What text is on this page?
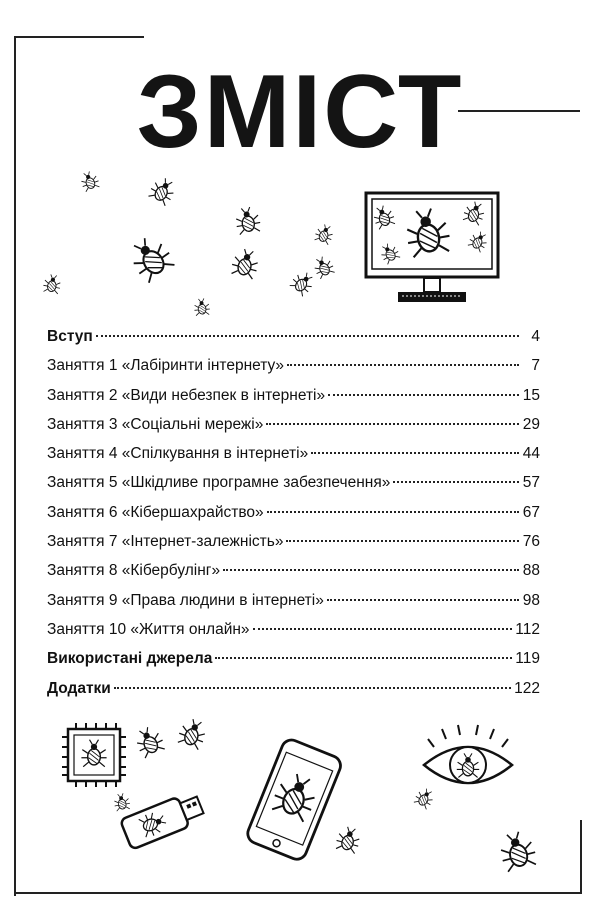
ЗМІСТ
Вступ	4
Заняття 1 «Лабіринти інтернету»	7
Заняття 2 «Види небезпек в інтернеті»	15
Заняття 3 «Соціальні мережі»	29
Заняття 4 «Спілкування в інтернеті»	44
Заняття 5 «Шкідливе програмне забезпечення»	57
Заняття 6 «Кібершахрайство»	67
Заняття 7 «Інтернет-залежність»	76
Заняття 8 «Кібербулінг»	88
Заняття 9 «Права людини в інтернеті»	98
Заняття 10 «Життя онлайн»	112
Використані джерела	119
Додатки	122
